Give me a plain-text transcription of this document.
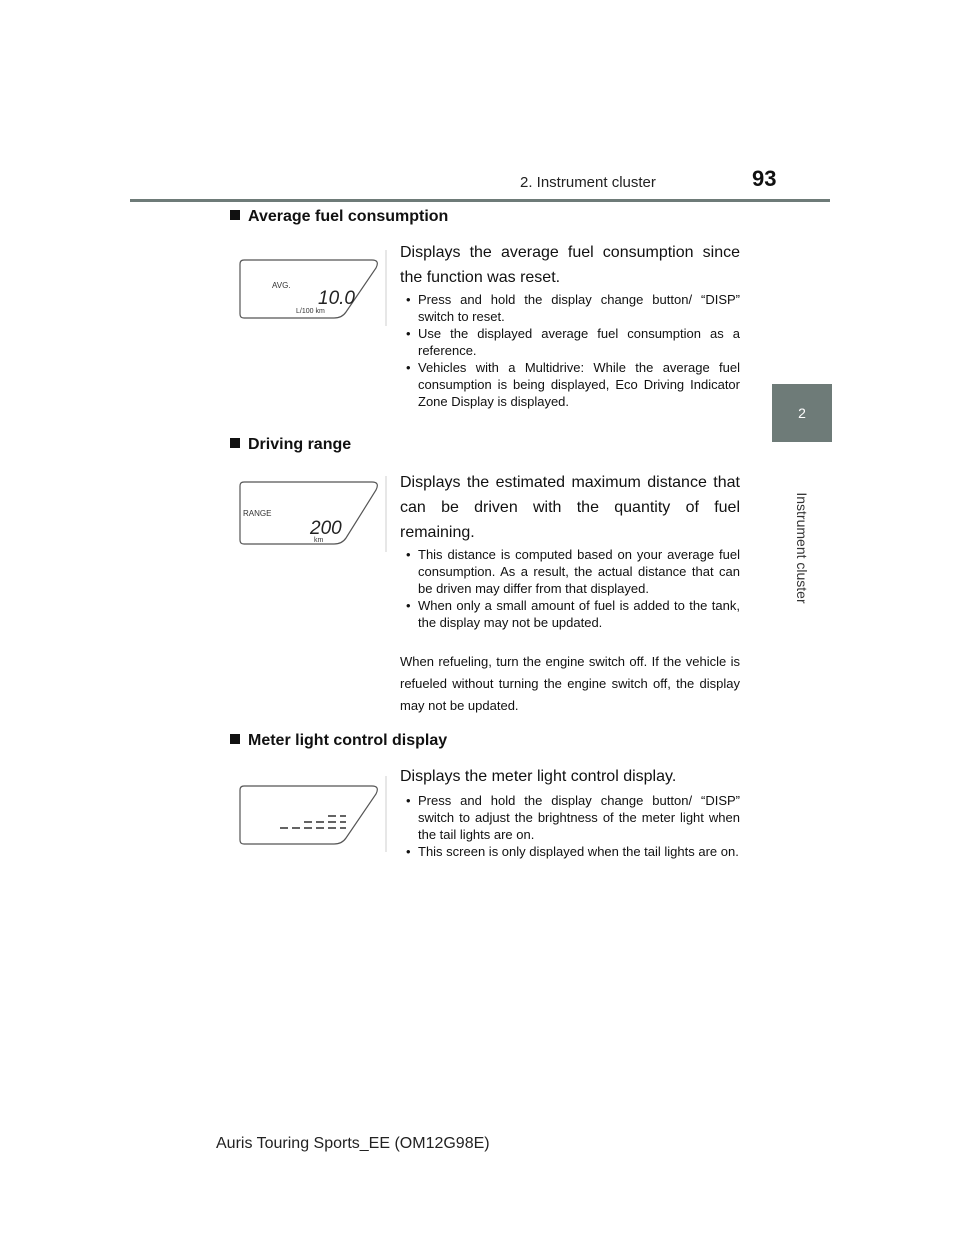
2. Instrument cluster	93
2
Instrument cluster
Average fuel consumption
AVG.
10.0
L/100 km
Displays the average fuel consumption since the function was reset.
• Press and hold the display change button/ “DISP” switch to reset.
• Use the displayed average fuel consumption as a reference.
• Vehicles with a Multidrive: While the average fuel consumption is being displayed, Eco Driving Indicator Zone Display is displayed.
Driving range
RANGE
200
km
Displays the estimated maximum distance that can be driven with the quantity of fuel remaining.
• This distance is computed based on your average fuel consumption. As a result, the actual distance that can be driven may differ from that displayed.
• When only a small amount of fuel is added to the tank, the display may not be updated.
When refueling, turn the engine switch off. If the vehicle is refueled without turning the engine switch off, the display may not be updated.
Meter light control display
Displays the meter light control display.
• Press and hold the display change button/ “DISP” switch to adjust the brightness of the meter light when the tail lights are on.
• This screen is only displayed when the tail lights are on.
Auris Touring Sports_EE (OM12G98E)
